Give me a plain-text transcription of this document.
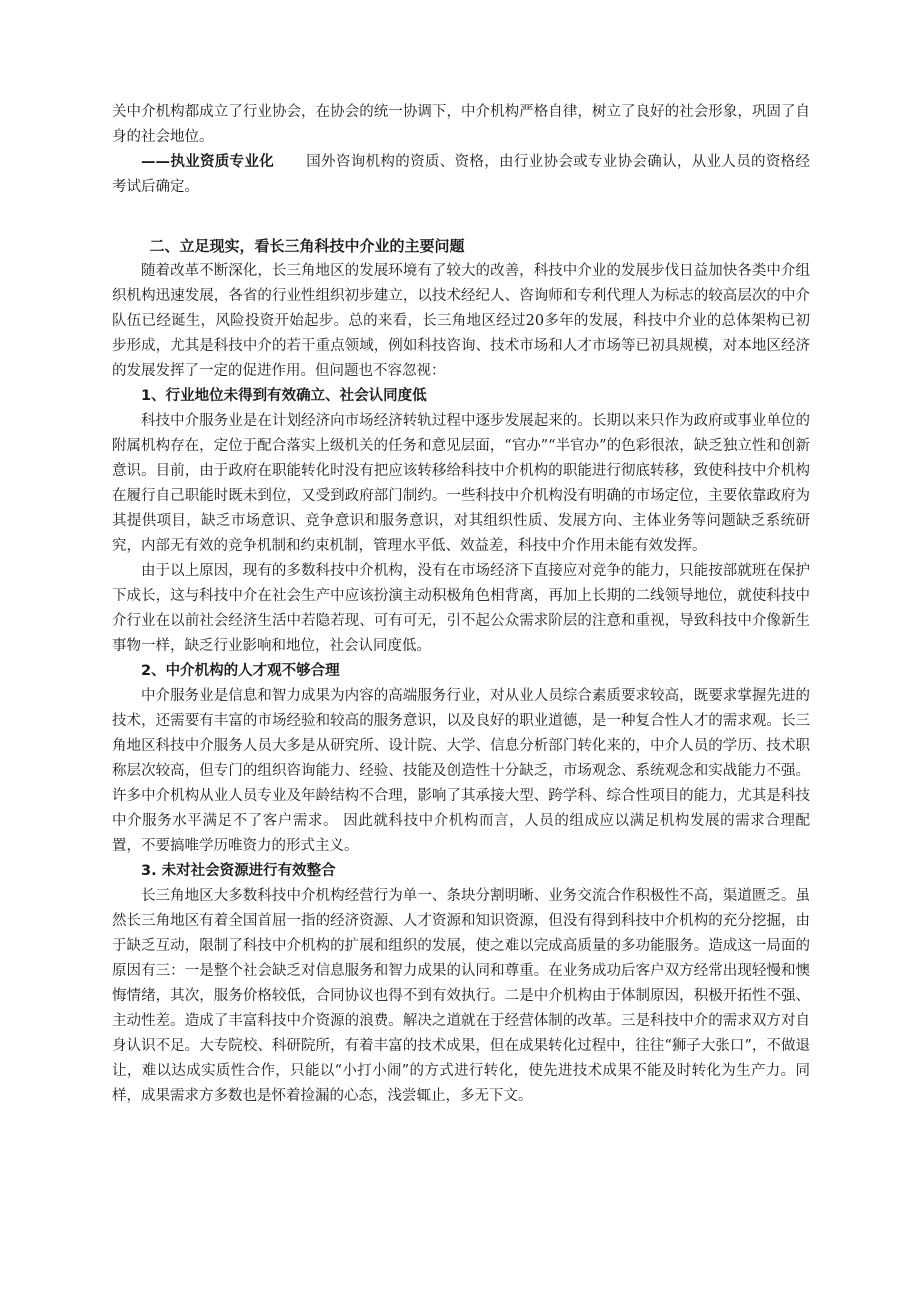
关中介机构都成立了行业协会，在协会的统一协调下，中介机构严格自律，树立了良好的社会形象，巩固了自身的社会地位。

——执业资质专业化 国外咨询机构的资质、资格，由行业协会或专业协会确认，从业人员的资格经考试后确定。

二、立足现实，看长三角科技中介业的主要问题

随着改革不断深化，长三角地区的发展环境有了较大的改善，科技中介业的发展步伐日益加快各类中介组织机构迅速发展，各省的行业性组织初步建立，以技术经纪人、咨询师和专利代理人为标志的较高层次的中介队伍已经诞生，风险投资开始起步。总的来看，长三角地区经过20多年的发展，科技中介业的总体架构已初步形成，尤其是科技中介的若干重点领域，例如科技咨询、技术市场和人才市场等已初具规模，对本地区经济的发展发挥了一定的促进作用。但问题也不容忽视：

1、行业地位未得到有效确立、社会认同度低

科技中介服务业是在计划经济向市场经济转轨过程中逐步发展起来的。长期以来只作为政府或事业单位的附属机构存在，定位于配合落实上级机关的任务和意见层面，“官办”“半官办”的色彩很浓，缺乏独立性和创新意识。目前，由于政府在职能转化时没有把应该转移给科技中介机构的职能进行彻底转移，致使科技中介机构在履行自己职能时既未到位，又受到政府部门制约。一些科技中介机构没有明确的市场定位，主要依靠政府为其提供项目，缺乏市场意识、竞争意识和服务意识，对其组织性质、发展方向、主体业务等问题缺乏系统研究，内部无有效的竞争机制和约束机制，管理水平低、效益差，科技中介作用未能有效发挥。

由于以上原因，现有的多数科技中介机构，没有在市场经济下直接应对竞争的能力，只能按部就班在保护下成长，这与科技中介在社会生产中应该扮演主动积极角色相背离，再加上长期的二线领导地位，就使科技中介行业在以前社会经济生活中若隐若现、可有可无，引不起公众需求阶层的注意和重视，导致科技中介像新生事物一样，缺乏行业影响和地位，社会认同度低。

2、中介机构的人才观不够合理

中介服务业是信息和智力成果为内容的高端服务行业，对从业人员综合素质要求较高，既要求掌握先进的技术，还需要有丰富的市场经验和较高的服务意识，以及良好的职业道德，是一种复合性人才的需求观。长三角地区科技中介服务人员大多是从研究所、设计院、大学、信息分析部门转化来的，中介人员的学历、技术职称层次较高，但专门的组织咨询能力、经验、技能及创造性十分缺乏，市场观念、系统观念和实战能力不强。许多中介机构从业人员专业及年龄结构不合理，影响了其承接大型、跨学科、综合性项目的能力，尤其是科技中介服务水平满足不了客户需求。 因此就科技中介机构而言，人员的组成应以满足机构发展的需求合理配置，不要搞唯学历唯资力的形式主义。

3. 未对社会资源进行有效整合

长三角地区大多数科技中介机构经营行为单一、条块分割明晰、业务交流合作积极性不高，渠道匮乏。虽然长三角地区有着全国首屈一指的经济资源、人才资源和知识资源，但没有得到科技中介机构的充分挖掘，由于缺乏互动，限制了科技中介机构的扩展和组织的发展，使之难以完成高质量的多功能服务。造成这一局面的原因有三：一是整个社会缺乏对信息服务和智力成果的认同和尊重。在业务成功后客户双方经常出现轻慢和懊悔情绪，其次，服务价格较低，合同协议也得不到有效执行。二是中介机构由于体制原因，积极开拓性不强、主动性差。造成了丰富科技中介资源的浪费。解决之道就在于经营体制的改革。三是科技中介的需求双方对自身认识不足。大专院校、科研院所，有着丰富的技术成果，但在成果转化过程中，往往“狮子大张口”，不做退让，难以达成实质性合作，只能以“小打小闹”的方式进行转化，使先进技术成果不能及时转化为生产力。同样，成果需求方多数也是怀着捡漏的心态，浅尝辄止，多无下文。
